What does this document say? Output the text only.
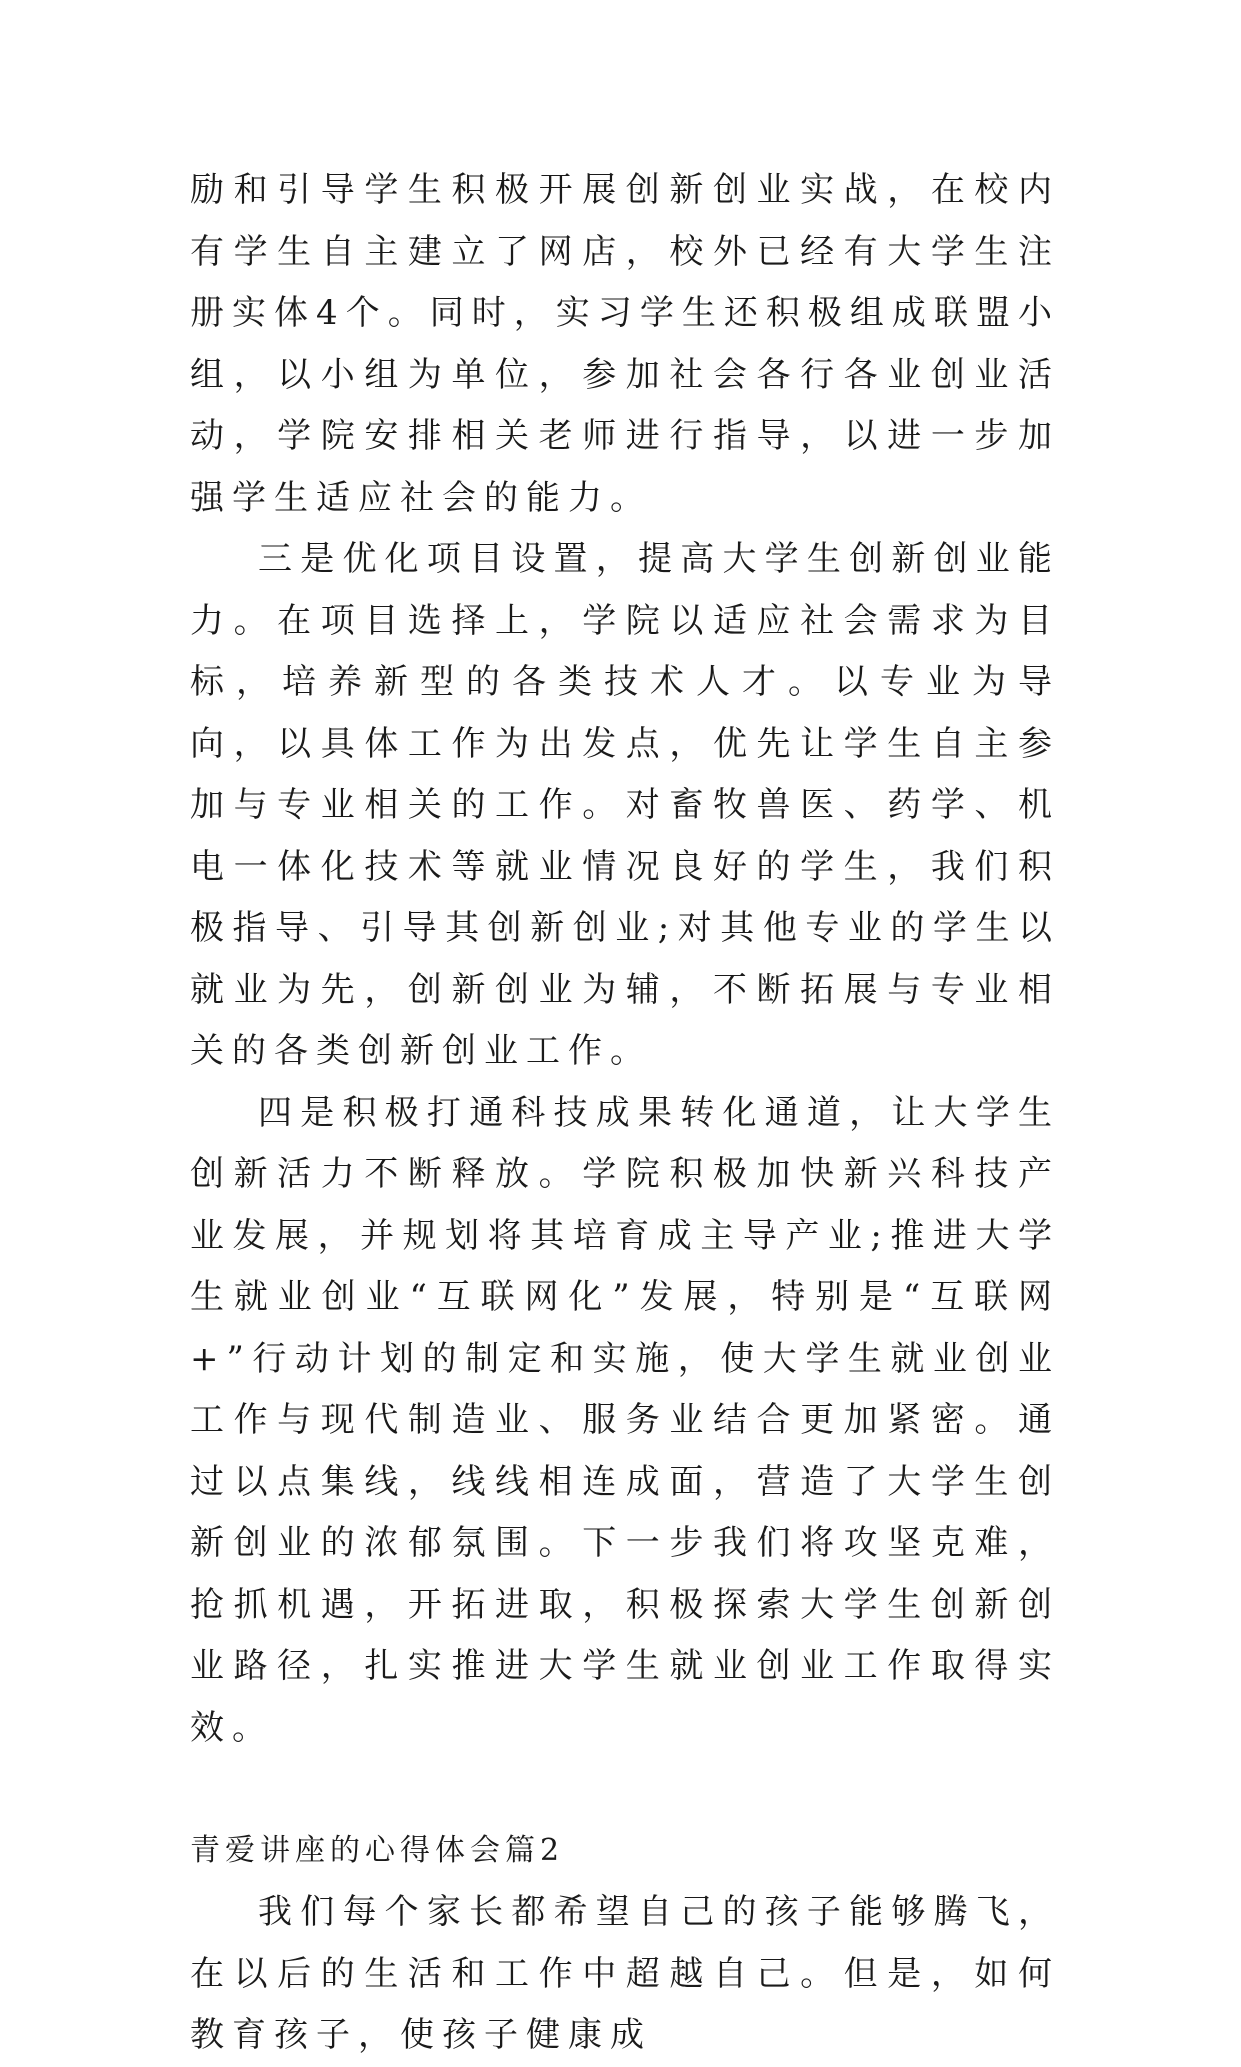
励和引导学生积极开展创新创业实战，在校内有学生自主建立了网店，校外已经有大学生注册实体4个。同时，实习学生还积极组成联盟小组，以小组为单位，参加社会各行各业创业活动，学院安排相关老师进行指导，以进一步加强学生适应社会的能力。

三是优化项目设置，提高大学生创新创业能力。在项目选择上，学院以适应社会需求为目标，培养新型的各类技术人才。以专业为导向，以具体工作为出发点，优先让学生自主参加与专业相关的工作。对畜牧兽医、药学、机电一体化技术等就业情况良好的学生，我们积极指导、引导其创新创业;对其他专业的学生以就业为先，创新创业为辅，不断拓展与专业相关的各类创新创业工作。

四是积极打通科技成果转化通道，让大学生创新活力不断释放。学院积极加快新兴科技产业发展，并规划将其培育成主导产业;推进大学生就业创业“互联网化”发展，特别是“互联网+”行动计划的制定和实施，使大学生就业创业工作与现代制造业、服务业结合更加紧密。通过以点集线，线线相连成面，营造了大学生创新创业的浓郁氛围。下一步我们将攻坚克难，抢抓机遇，开拓进取，积极探索大学生创新创业路径，扎实推进大学生就业创业工作取得实效。

青爱讲座的心得体会篇2

我们每个家长都希望自己的孩子能够腾飞，在以后的生活和工作中超越自己。但是，如何教育孩子，使孩子健康成
